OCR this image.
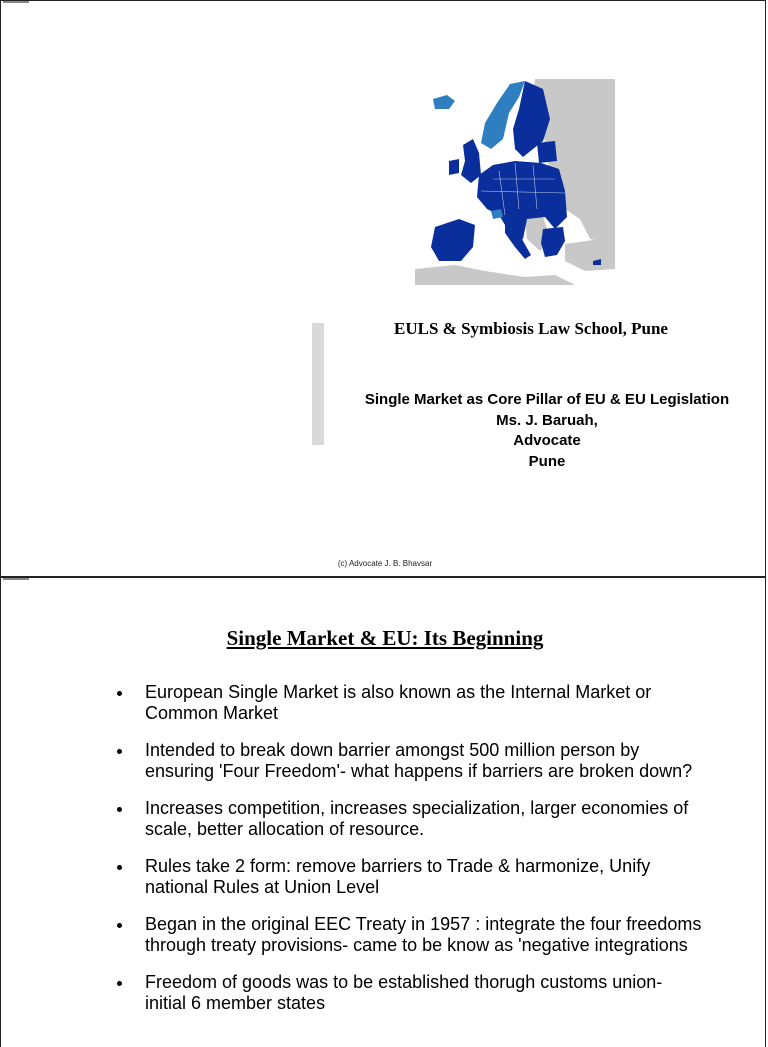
EULS & Symbiosis Law School, Pune
Single Market as Core Pillar of EU & EU Legislation
Ms. J. Baruah,
Advocate
Pune
(c) Advocate J. B. Bhavsar
Single Market & EU: Its Beginning
European Single Market is also known as the Internal Market or
Common Market
Intended to break down barrier amongst 500 million person by
ensuring 'Four Freedom'- what happens if barriers are broken down?
Increases competition, increases specialization, larger economies of
scale, better allocation of resource.
Rules take 2 form: remove barriers to Trade & harmonize, Unify
national Rules at Union Level
Began in the original EEC Treaty in 1957 : integrate the four freedoms
through treaty provisions- came to be know as 'negative integrations
Freedom of goods was to be established thorugh customs union-
initial 6 member states
